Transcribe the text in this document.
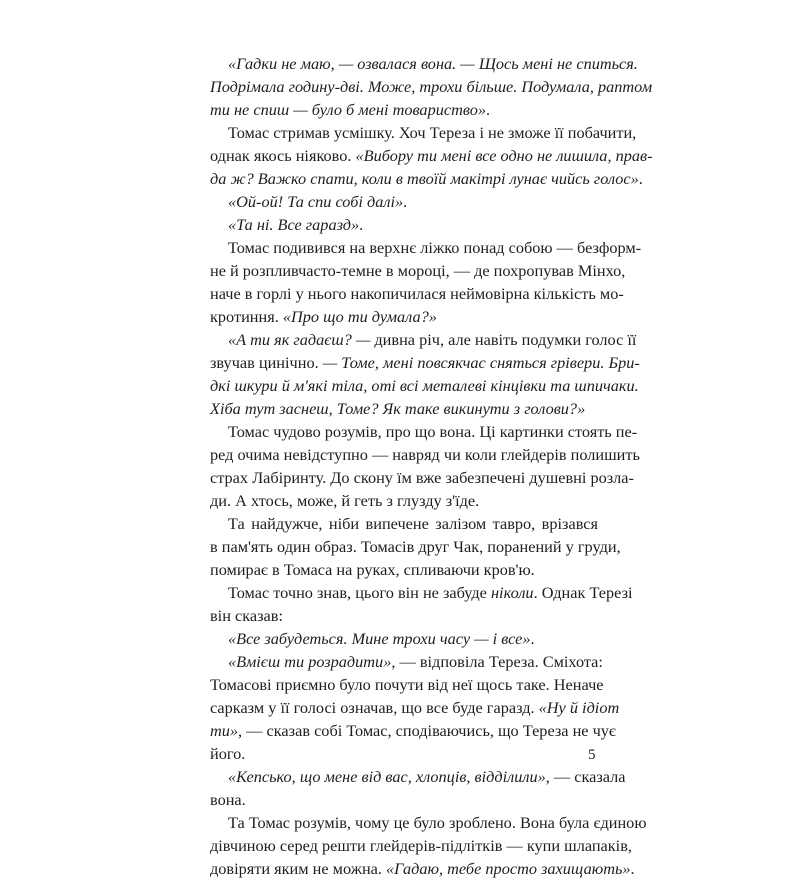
«Гадки не маю, — озвалася вона. — Щось мені не спиться.
Подрімала годину-дві. Може, трохи більше. Подумала, раптом
ти не спиш — було б мені товариство».
Томас стримав усмішку. Хоч Тереза і не зможе її побачити,
однак якось ніяково. «Вибору ти мені все одно не лишила, прав-
да ж? Важко спати, коли в твоїй макітрі лунає чийсь голос».
«Ой-ой! Та спи собі далі».
«Та ні. Все гаразд».
Томас подивився на верхнє ліжко понад собою — безформ-
не й розпливчасто-темне в мороці, — де похропував Мінхо,
наче в горлі у нього накопичилася неймовірна кількість мо-
кротиння. «Про що ти думала?»
«А ти як гадаєш? — дивна річ, але навіть подумки голос її
звучав цинічно. — Томе, мені повсякчас сняться грівери. Бри-
дкі шкури й м'які тіла, оті всі металеві кінцівки та шпичаки.
Хіба тут заснеш, Томе? Як таке викинути з голови?»
Томас чудово розумів, про що вона. Ці картинки стоять пе-
ред очима невідступно — навряд чи коли глейдерів полишить
страх Лабіринту. До скону їм вже забезпечені душевні розла-
ди. А хтось, може, й геть з глузду з'їде.
Та найдужче, ніби випечене залізом тавро, врізався
в пам'ять один образ. Томасів друг Чак, поранений у груди,
помирає в Томаса на руках, спливаючи кров'ю.
Томас точно знав, цього він не забуде ніколи. Однак Терезі
він сказав:
«Все забудеться. Мине трохи часу — і все».
«Вмієш ти розрадити», — відповіла Тереза. Сміхота:
Томасові приємно було почути від неї щось таке. Неначе
сарказм у її голосі означав, що все буде гаразд. «Ну й ідіот
ти», — сказав собі Томас, сподіваючись, що Тереза не чує
його.
«Кепсько, що мене від вас, хлопців, відділили», — сказала
вона.
Та Томас розумів, чому це було зроблено. Вона була єдиною
дівчиною серед решти глейдерів-підлітків — купи шлапаків,
довіряти яким не можна. «Гадаю, тебе просто захищають».
5
